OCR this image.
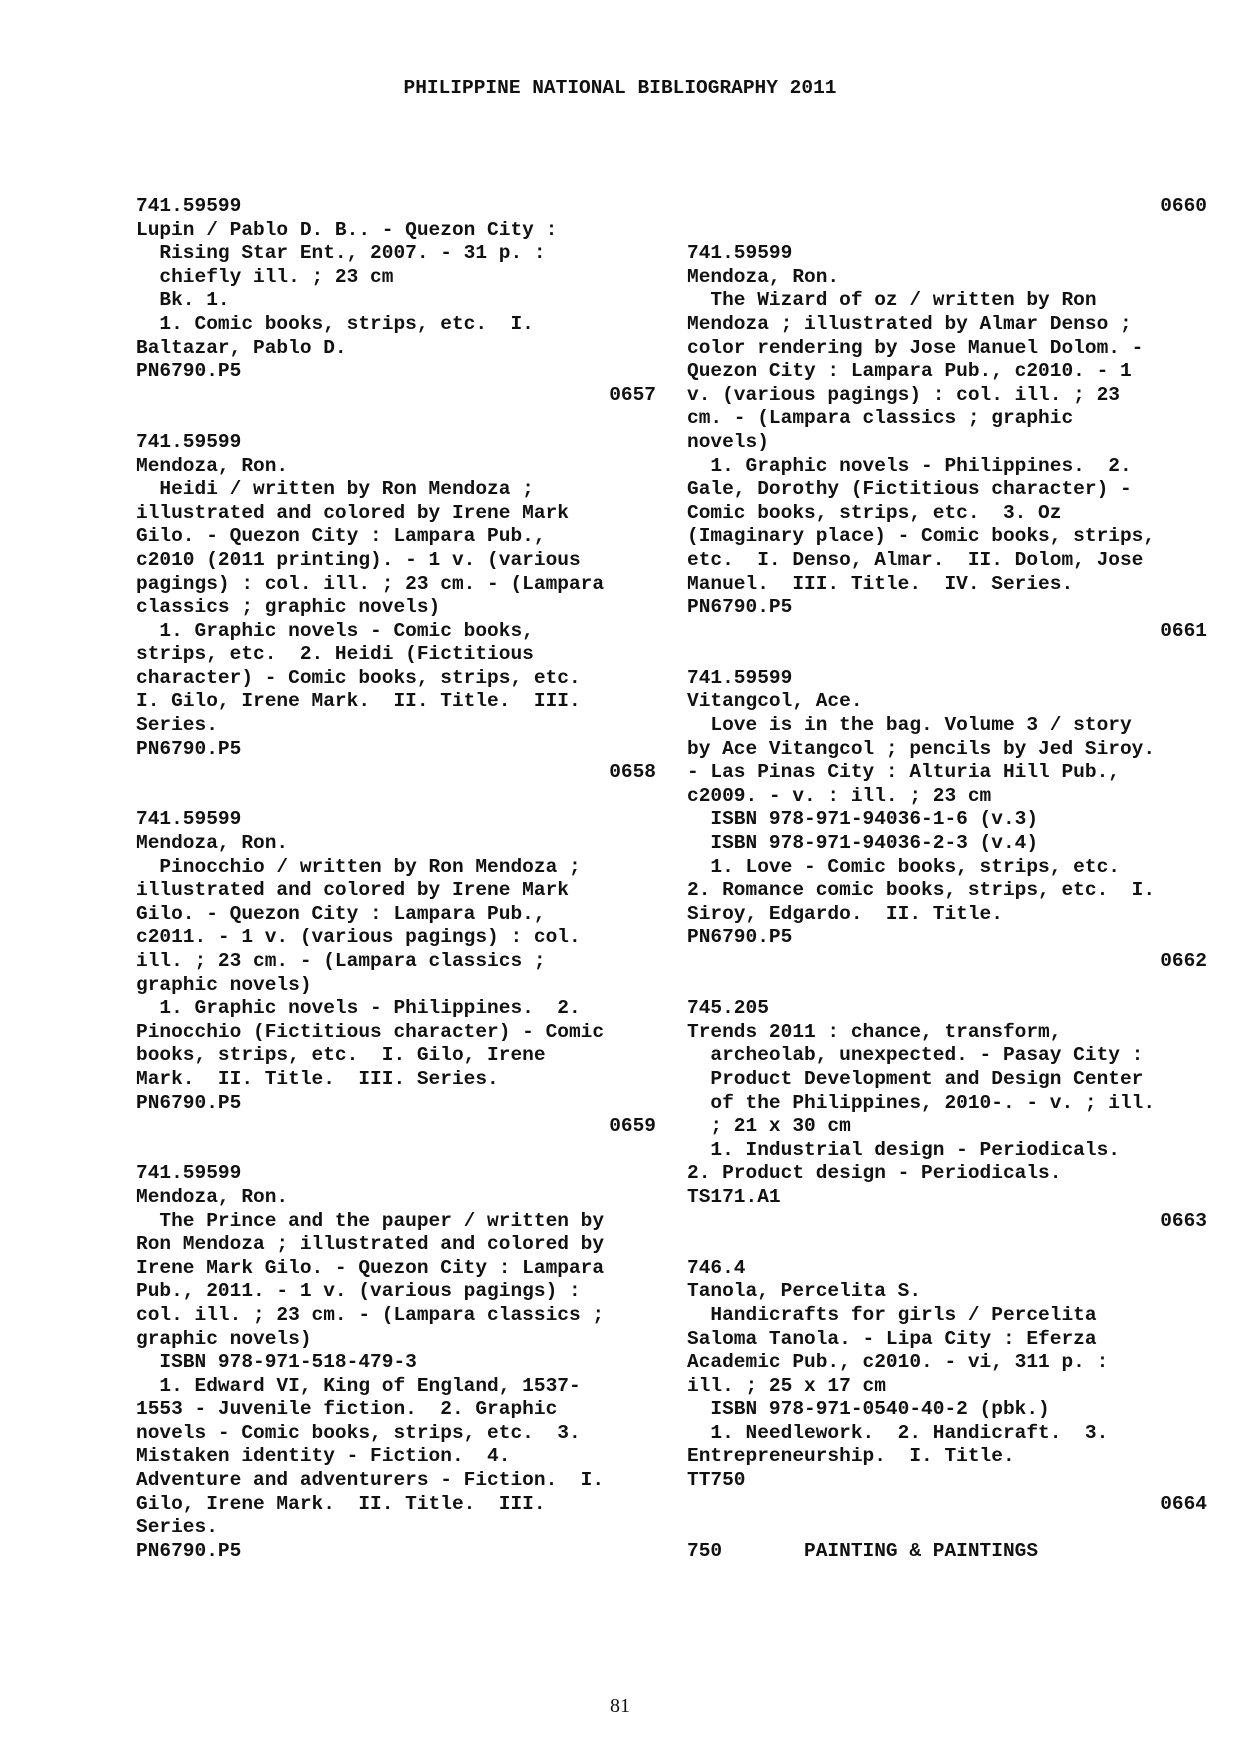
PHILIPPINE NATIONAL BIBLIOGRAPHY 2011
741.59599
Lupin / Pablo D. B.. - Quezon City :
Rising Star Ent., 2007. - 31 p. :
chiefly ill. ; 23 cm
Bk. 1.
1. Comic books, strips, etc.  I.
Baltazar, Pablo D.
PN6790.P5
0657
741.59599
Mendoza, Ron.
Heidi / written by Ron Mendoza ;
illustrated and colored by Irene Mark
Gilo. - Quezon City : Lampara Pub.,
c2010 (2011 printing). - 1 v. (various
pagings) : col. ill. ; 23 cm. - (Lampara
classics ; graphic novels)
1. Graphic novels - Comic books,
strips, etc.  2. Heidi (Fictitious
character) - Comic books, strips, etc.
I. Gilo, Irene Mark.  II. Title.  III.
Series.
PN6790.P5
0658
741.59599
Mendoza, Ron.
Pinocchio / written by Ron Mendoza ;
illustrated and colored by Irene Mark
Gilo. - Quezon City : Lampara Pub.,
c2011. - 1 v. (various pagings) : col.
ill. ; 23 cm. - (Lampara classics ;
graphic novels)
1. Graphic novels - Philippines.  2.
Pinocchio (Fictitious character) - Comic
books, strips, etc.  I. Gilo, Irene
Mark.  II. Title.  III. Series.
PN6790.P5
0659
741.59599
Mendoza, Ron.
The Prince and the pauper / written by
Ron Mendoza ; illustrated and colored by
Irene Mark Gilo. - Quezon City : Lampara
Pub., 2011. - 1 v. (various pagings) :
col. ill. ; 23 cm. - (Lampara classics ;
graphic novels)
ISBN 978-971-518-479-3
1. Edward VI, King of England, 1537-
1553 - Juvenile fiction.  2. Graphic
novels - Comic books, strips, etc.  3.
Mistaken identity - Fiction.  4.
Adventure and adventurers - Fiction.  I.
Gilo, Irene Mark.  II. Title.  III.
Series.
PN6790.P5
0660
741.59599
Mendoza, Ron.
The Wizard of oz / written by Ron
Mendoza ; illustrated by Almar Denso ;
color rendering by Jose Manuel Dolom. -
Quezon City : Lampara Pub., c2010. - 1
v. (various pagings) : col. ill. ; 23
cm. - (Lampara classics ; graphic
novels)
1. Graphic novels - Philippines.  2.
Gale, Dorothy (Fictitious character) -
Comic books, strips, etc.  3. Oz
(Imaginary place) - Comic books, strips,
etc.  I. Denso, Almar.  II. Dolom, Jose
Manuel.  III. Title.  IV. Series.
PN6790.P5
0661
741.59599
Vitangcol, Ace.
Love is in the bag. Volume 3 / story
by Ace Vitangcol ; pencils by Jed Siroy.
- Las Pinas City : Alturia Hill Pub.,
c2009. - v. : ill. ; 23 cm
ISBN 978-971-94036-1-6 (v.3)
ISBN 978-971-94036-2-3 (v.4)
1. Love - Comic books, strips, etc.
2. Romance comic books, strips, etc.  I.
Siroy, Edgardo.  II. Title.
PN6790.P5
0662
745.205
Trends 2011 : chance, transform,
archeolab, unexpected. - Pasay City :
Product Development and Design Center
of the Philippines, 2010-. - v. ; ill.
; 21 x 30 cm
1. Industrial design - Periodicals.
2. Product design - Periodicals.
TS171.A1
0663
746.4
Tanola, Percelita S.
Handicrafts for girls / Percelita
Saloma Tanola. - Lipa City : Eferza
Academic Pub., c2010. - vi, 311 p. :
ill. ; 25 x 17 cm
ISBN 978-971-0540-40-2 (pbk.)
1. Needlework.  2. Handicraft.  3.
Entrepreneurship.  I. Title.
TT750
0664
750       PAINTING & PAINTINGS
81
